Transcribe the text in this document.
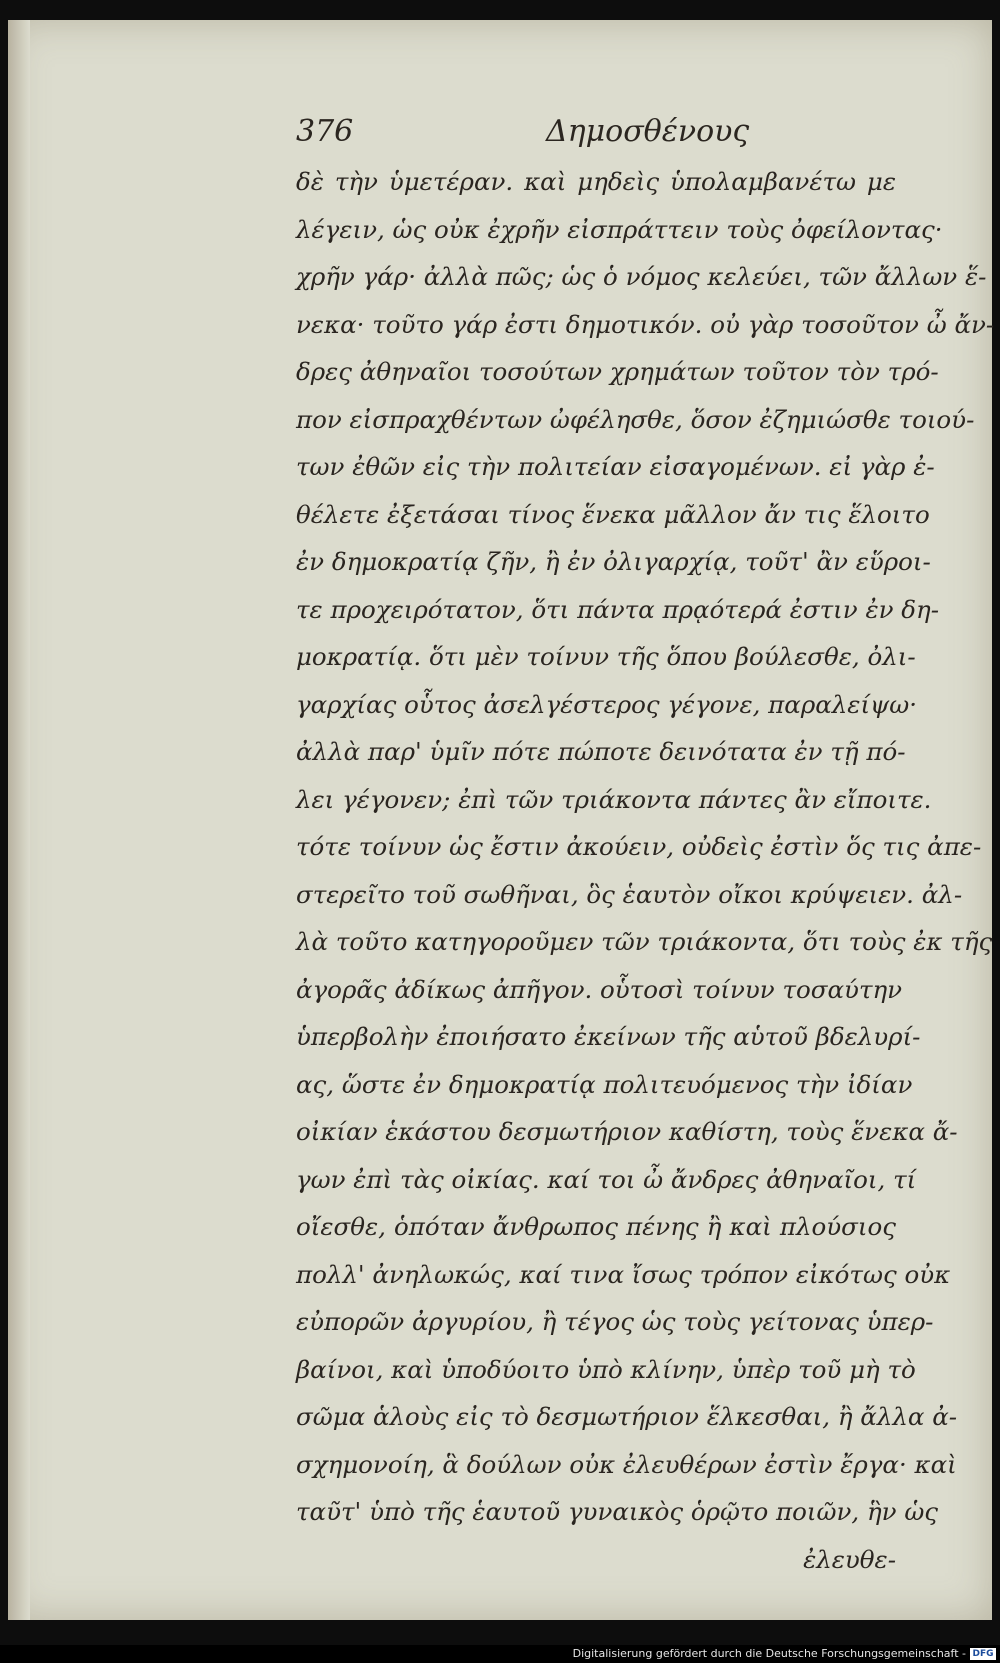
376	Δημοσθένους
δὲ τὴν ὑμετέραν. καὶ μηδεὶς ὑπολαμβανέτω με
λέγειν, ὡς οὐκ ἐχρῆν εἰσπράττειν τοὺς ὀφείλοντας·
χρῆν γάρ· ἀλλὰ πῶς; ὡς ὁ νόμος κελεύει, τῶν ἄλλων ἕ-
νεκα· τοῦτο γάρ ἐστι δημοτικόν. οὐ γὰρ τοσοῦτον ὦ ἄν-
δρες ἀθηναῖοι τοσούτων χρημάτων τοῦτον τὸν τρό-
πον εἰσπραχθέντων ὠφέλησθε, ὅσον ἐζημιώσθε τοιού-
των ἐθῶν εἰς τὴν πολιτείαν εἰσαγομένων. εἰ γὰρ ἐ-
θέλετε ἐξετάσαι τίνος ἕνεκα μᾶλλον ἄν τις ἕλοιτο
ἐν δημοκρατίᾳ ζῆν, ἢ ἐν ὀλιγαρχίᾳ, τοῦτ' ἂν εὕροι-
τε προχειρότατον, ὅτι πάντα πρᾳότερά ἐστιν ἐν δη-
μοκρατίᾳ. ὅτι μὲν τοίνυν τῆς ὅπου βούλεσθε, ὀλι-
γαρχίας οὗτος ἀσελγέστερος γέγονε, παραλείψω·
ἀλλὰ παρ' ὑμῖν πότε πώποτε δεινότατα ἐν τῇ πό-
λει γέγονεν; ἐπὶ τῶν τριάκοντα πάντες ἂν εἴποιτε.
τότε τοίνυν ὡς ἔστιν ἀκούειν, οὐδεὶς ἐστὶν ὅς τις ἀπε-
στερεῖτο τοῦ σωθῆναι, ὃς ἑαυτὸν οἴκοι κρύψειεν. ἀλ-
λὰ τοῦτο κατηγοροῦμεν τῶν τριάκοντα, ὅτι τοὺς ἐκ τῆς
ἀγορᾶς ἀδίκως ἀπῆγον. οὗτοσὶ τοίνυν τοσαύτην
ὑπερβολὴν ἐποιήσατο ἐκείνων τῆς αὑτοῦ βδελυρί-
ας, ὥστε ἐν δημοκρατίᾳ πολιτευόμενος τὴν ἰδίαν
οἰκίαν ἑκάστου δεσμωτήριον καθίστη, τοὺς ἕνεκα ἄ-
γων ἐπὶ τὰς οἰκίας. καί τοι ὦ ἄνδρες ἀθηναῖοι, τί
οἴεσθε, ὁπόταν ἄνθρωπος πένης ἢ καὶ πλούσιος
πολλ' ἀνηλωκώς, καί τινα ἴσως τρόπον εἰκότως οὐκ
εὐπορῶν ἀργυρίου, ἢ τέγος ὡς τοὺς γείτονας ὑπερ-
βαίνοι, καὶ ὑποδύοιτο ὑπὸ κλίνην, ὑπὲρ τοῦ μὴ τὸ
σῶμα ἁλοὺς εἰς τὸ δεσμωτήριον ἕλκεσθαι, ἢ ἄλλα ἀ-
σχημονοίη, ἃ δούλων οὐκ ἐλευθέρων ἐστὶν ἔργα· καὶ
ταῦτ' ὑπὸ τῆς ἑαυτοῦ γυναικὸς ὁρῷτο ποιῶν, ἣν ὡς
ἐλευθε-
Digitalisierung gefördert durch die Deutsche Forschungsgemeinschaft - DFG
